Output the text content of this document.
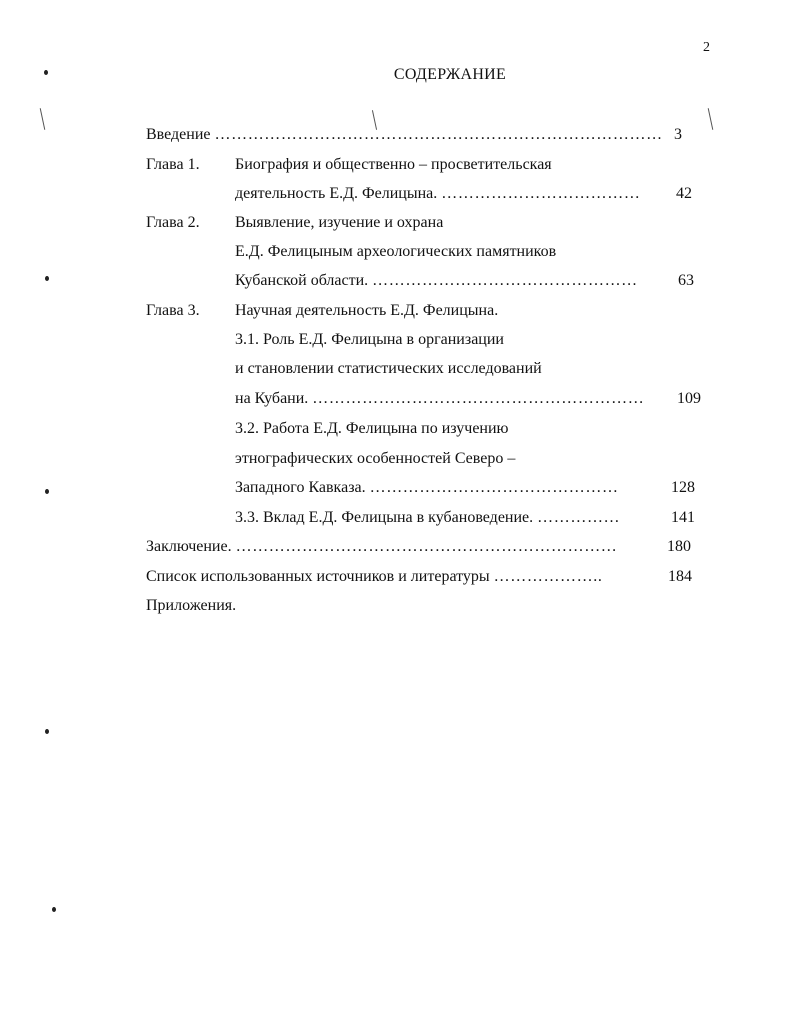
2
СОДЕРЖАНИЕ
Введение ……………………………………………………………………… 3
Глава 1. Биография и общественно – просветительская
деятельность Е.Д. Фелицына. ……………………………… 42
Глава 2. Выявление, изучение и охрана
Е.Д. Фелицыным археологических памятников
Кубанской области. …………………………………………	63
Глава 3. Научная деятельность Е.Д. Фелицына.
3.1. Роль Е.Д. Фелицына в организации
и становлении статистических исследований
на Кубани. …………………………………………………… 109
3.2. Работа Е.Д. Фелицына по изучению
этнографических особенностей Северо –
Западного Кавказа. ………………………………………	128
3.3. Вклад Е.Д. Фелицына в кубановедение. ……………	141
Заключение. ……………………………………………………………	180
Список использованных источников и литературы ………………..	184
Приложения.
